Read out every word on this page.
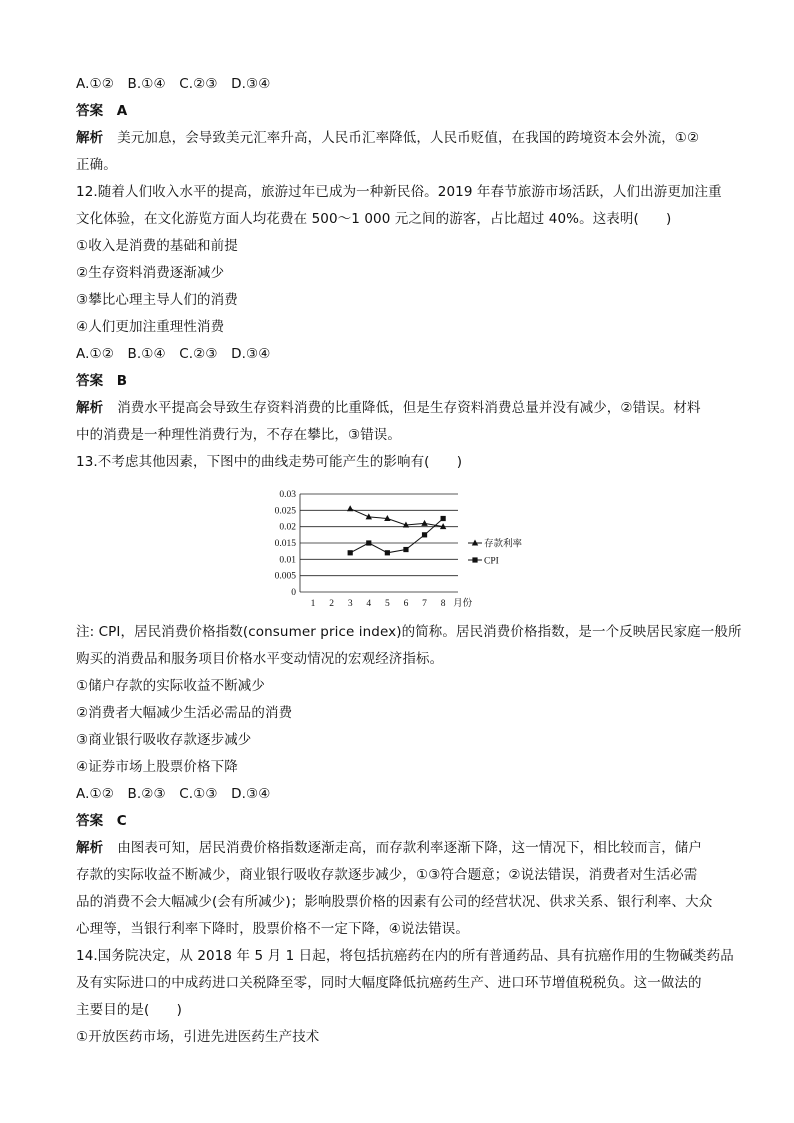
A.①②　B.①④　C.②③　D.③④
答案　A
解析 美元加息，会导致美元汇率升高，人民币汇率降低，人民币贬值，在我国的跨境资本会外流，①②
正确。
12.随着人们收入水平的提高，旅游过年已成为一种新民俗。2019 年春节旅游市场活跃，人们出游更加注重
文化体验，在文化游览方面人均花费在 500～1 000 元之间的游客，占比超过 40%。这表明(　　)
①收入是消费的基础和前提
②生存资料消费逐渐减少
③攀比心理主导人们的消费
④人们更加注重理性消费
A.①②　B.①④　C.②③　D.③④
答案　B
解析 消费水平提高会导致生存资料消费的比重降低，但是生存资料消费总量并没有减少，②错误。材料
中的消费是一种理性消费行为，不存在攀比，③错误。
13.不考虑其他因素，下图中的曲线走势可能产生的影响有(　　)
0
0.005
0.01
0.015
0.02
0.025
0.03
1 2 3 4 5 6 7 8 月份
存款利率
CPI
注: CPI，居民消费价格指数(consumer price index)的简称。居民消费价格指数，是一个反映居民家庭一般所
购买的消费品和服务项目价格水平变动情况的宏观经济指标。
①储户存款的实际收益不断减少
②消费者大幅减少生活必需品的消费
③商业银行吸收存款逐步减少
④证券市场上股票价格下降
A.①②　B.②③　C.①③　D.③④
答案　C
解析 由图表可知，居民消费价格指数逐渐走高，而存款利率逐渐下降，这一情况下，相比较而言，储户
存款的实际收益不断减少，商业银行吸收存款逐步减少，①③符合题意；②说法错误，消费者对生活必需
品的消费不会大幅减少(会有所减少)；影响股票价格的因素有公司的经营状况、供求关系、银行利率、大众
心理等，当银行利率下降时，股票价格不一定下降，④说法错误。
14.国务院决定，从 2018 年 5 月 1 日起，将包括抗癌药在内的所有普通药品、具有抗癌作用的生物碱类药品
及有实际进口的中成药进口关税降至零，同时大幅度降低抗癌药生产、进口环节增值税税负。这一做法的
主要目的是(　　)
①开放医药市场，引进先进医药生产技术
